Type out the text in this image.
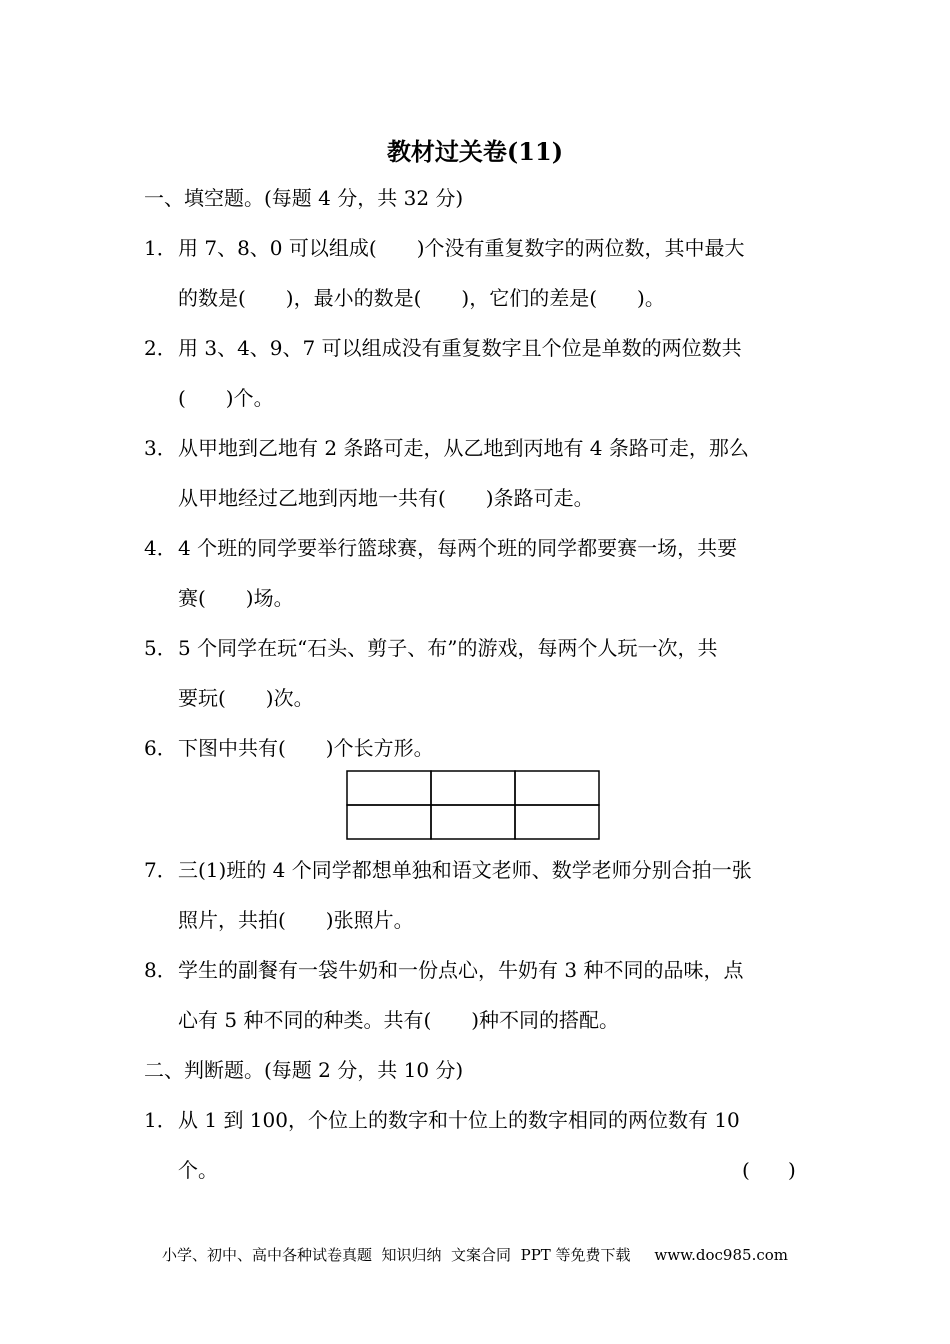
教材过关卷(11)
一、填空题。(每题 4 分，共 32 分)
1． 用 7、8、0 可以组成(　　)个没有重复数字的两位数，其中最大
的数是(　　)，最小的数是(　　)，它们的差是(　　)。
2． 用 3、4、9、7 可以组成没有重复数字且个位是单数的两位数共
(　　)个。
3． 从甲地到乙地有 2 条路可走，从乙地到丙地有 4 条路可走，那么
从甲地经过乙地到丙地一共有(　　)条路可走。
4． 4 个班的同学要举行篮球赛，每两个班的同学都要赛一场，共要
赛(　　)场。
5． 5 个同学在玩“石头、剪子、布”的游戏，每两个人玩一次，共
要玩(　　)次。
6． 下图中共有(　　)个长方形。
7． 三(1)班的 4 个同学都想单独和语文老师、数学老师分别合拍一张
照片，共拍(　　)张照片。
8． 学生的副餐有一袋牛奶和一份点心，牛奶有 3 种不同的品味，点
心有 5 种不同的种类。共有(　　)种不同的搭配。
二、判断题。(每题 2 分，共 10 分)
1． 从 1 到 100，个位上的数字和十位上的数字相同的两位数有 10
个。	(      )
小学、初中、高中各种试卷真题  知识归纳  文案合同  PPT 等免费下载     www.doc985.com
